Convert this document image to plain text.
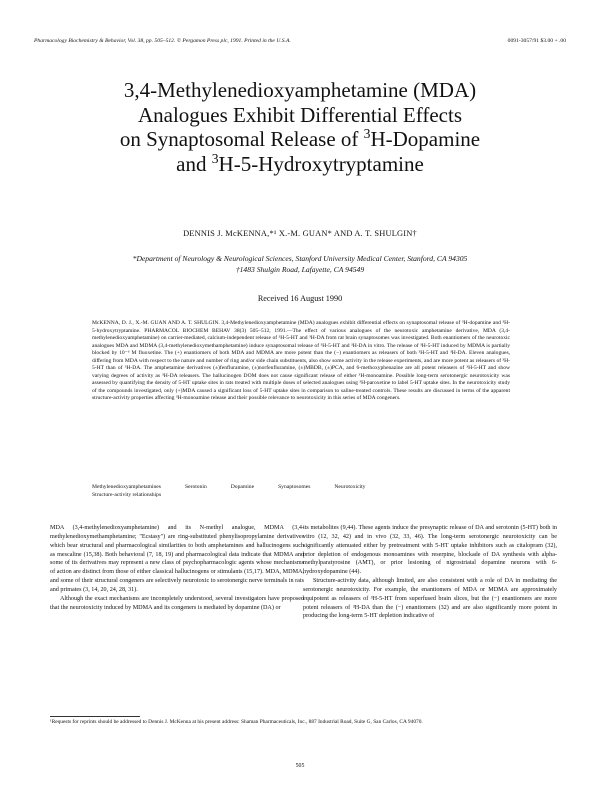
Pharmacology Biochemistry & Behavior, Vol. 38, pp. 505–512. © Pergamon Press plc, 1991. Printed in the U.S.A.	0091-3057/91 $3.00 + .00
3,4-Methylenedioxyamphetamine (MDA)
Analogues Exhibit Differential Effects
on Synaptosomal Release of $^3$H-Dopamine
and $^3$H-5-Hydroxytryptamine
DENNIS J. McKENNA,*¹ X.-M. GUAN* AND A. T. SHULGIN†
*Department of Neurology & Neurological Sciences, Stanford University Medical Center, Stanford, CA 94305
†1483 Shulgin Road, Lafayette, CA 94549
Received 16 August 1990
McKENNA, D. J., X.-M. GUAN AND A. T. SHULGIN. 3,4-Methylenedioxyamphetamine (MDA) analogues exhibit differential effects on synaptosomal release of ³H-dopamine and ³H-5-hydroxytryptamine. PHARMACOL BIOCHEM BEHAV 38(3) 505–512, 1991.—The effect of various analogues of the neurotoxic amphetamine derivative, MDA (3,4-methylenedioxyamphetamine) on carrier-mediated, calcium-independent release of ³H-5-HT and ³H-DA from rat brain synaptosomes was investigated. Both enantiomers of the neurotoxic analogues MDA and MDMA (3,4-methylenedioxymethamphetamine) induce synaptosomal release of ³H-5-HT and ³H-DA in vitro. The release of ³H-5-HT induced by MDMA is partially blocked by 10⁻⁶ M fluoxetine. The (+) enantiomers of both MDA and MDMA are more potent than the (−) enantiomers as releasers of both ³H-5-HT and ³H-DA. Eleven analogues, differing from MDA with respect to the nature and number of ring and/or side chain substituents, also show some activity in the release experiments, and are more potent as releasers of ³H-5-HT than of ³H-DA. The amphetamine derivatives (±)fenfluramine, (±)norfenfluramine, (±)MBDB, (±)PCA, and 6-methoxyphenazine are all potent releasers of ³H-5-HT and show varying degrees of activity as ³H-DA releasers. The hallucinogen DOM does not cause significant release of either ³H-monoamine. Possible long-term serotonergic neurotoxicity was assessed by quantifying the density of 5-HT uptake sites in rats treated with multiple doses of selected analogues using ³H-paroxetine to label 5-HT uptake sites. In the neurotoxicity study of the compounds investigated, only (+)MDA caused a significant loss of 5-HT uptake sites in comparison to saline-treated controls. These results are discussed in terms of the apparent structure-activity properties affecting ³H-monoamine release and their possible relevance to neurotoxicity in this series of MDA congeners.
Methylenedioxyamphetamines	Serotonin	Dopamine	Synaptosomes	Neurotoxicity
Structure-activity relationships

MDA (3,4-methylenedioxyamphetamine) and its N-methyl analogue, MDMA (3,4-methylenedioxymethamphetamine; "Ecstasy") are ring-substituted phenylisopropylamine derivatives which bear structural and pharmacological similarities to both amphetamines and hallucinogens such as mescaline (15,38). Both behavioral (7, 18, 19) and pharmacological data indicate that MDMA and some of its derivatives may represent a new class of psychopharmacologic agents whose mechanisms of action are distinct from those of either classical hallucinogens or stimulants (15,17). MDA, MDMA, and some of their structural congeners are selectively neurotoxic to serotonergic nerve terminals in rats and primates (3, 14, 20, 24, 28, 31).

Although the exact mechanisms are incompletely understood, several investigators have proposed that the neurotoxicity induced by MDMA and its congeners is mediated by dopamine (DA) or

its metabolites (9,44). These agents induce the presynaptic release of DA and serotonin (5-HT) both in vitro (12, 32, 42) and in vivo (32, 33, 46). The long-term serotonergic neurotoxicity can be significantly attenuated either by pretreatment with 5-HT uptake inhibitors such as citalopram (32), prior depletion of endogenous monoamines with reserpine, blockade of DA synthesis with alpha-methylparatyrosine (AMT), or prior lesioning of nigrostriatal dopamine neurons with 6-hydroxydopamine (44).

Structure-activity data, although limited, are also consistent with a role of DA in mediating the serotonergic neurotoxicity. For example, the enantiomers of MDA or MDMA are approximately equipotent as releasers of ³H-5-HT from superfused brain slices, but the (−) enantiomers are more potent releasers of ³H-DA than the (−) enantiomers (32) and are also significantly more potent in producing the long-term 5-HT depletion indicative of

¹Requests for reprints should be addressed to Dennis J. McKenna at his present address: Shaman Pharmaceuticals, Inc., 887 Industrial Road, Suite G, San Carlos, CA 94070.
505
